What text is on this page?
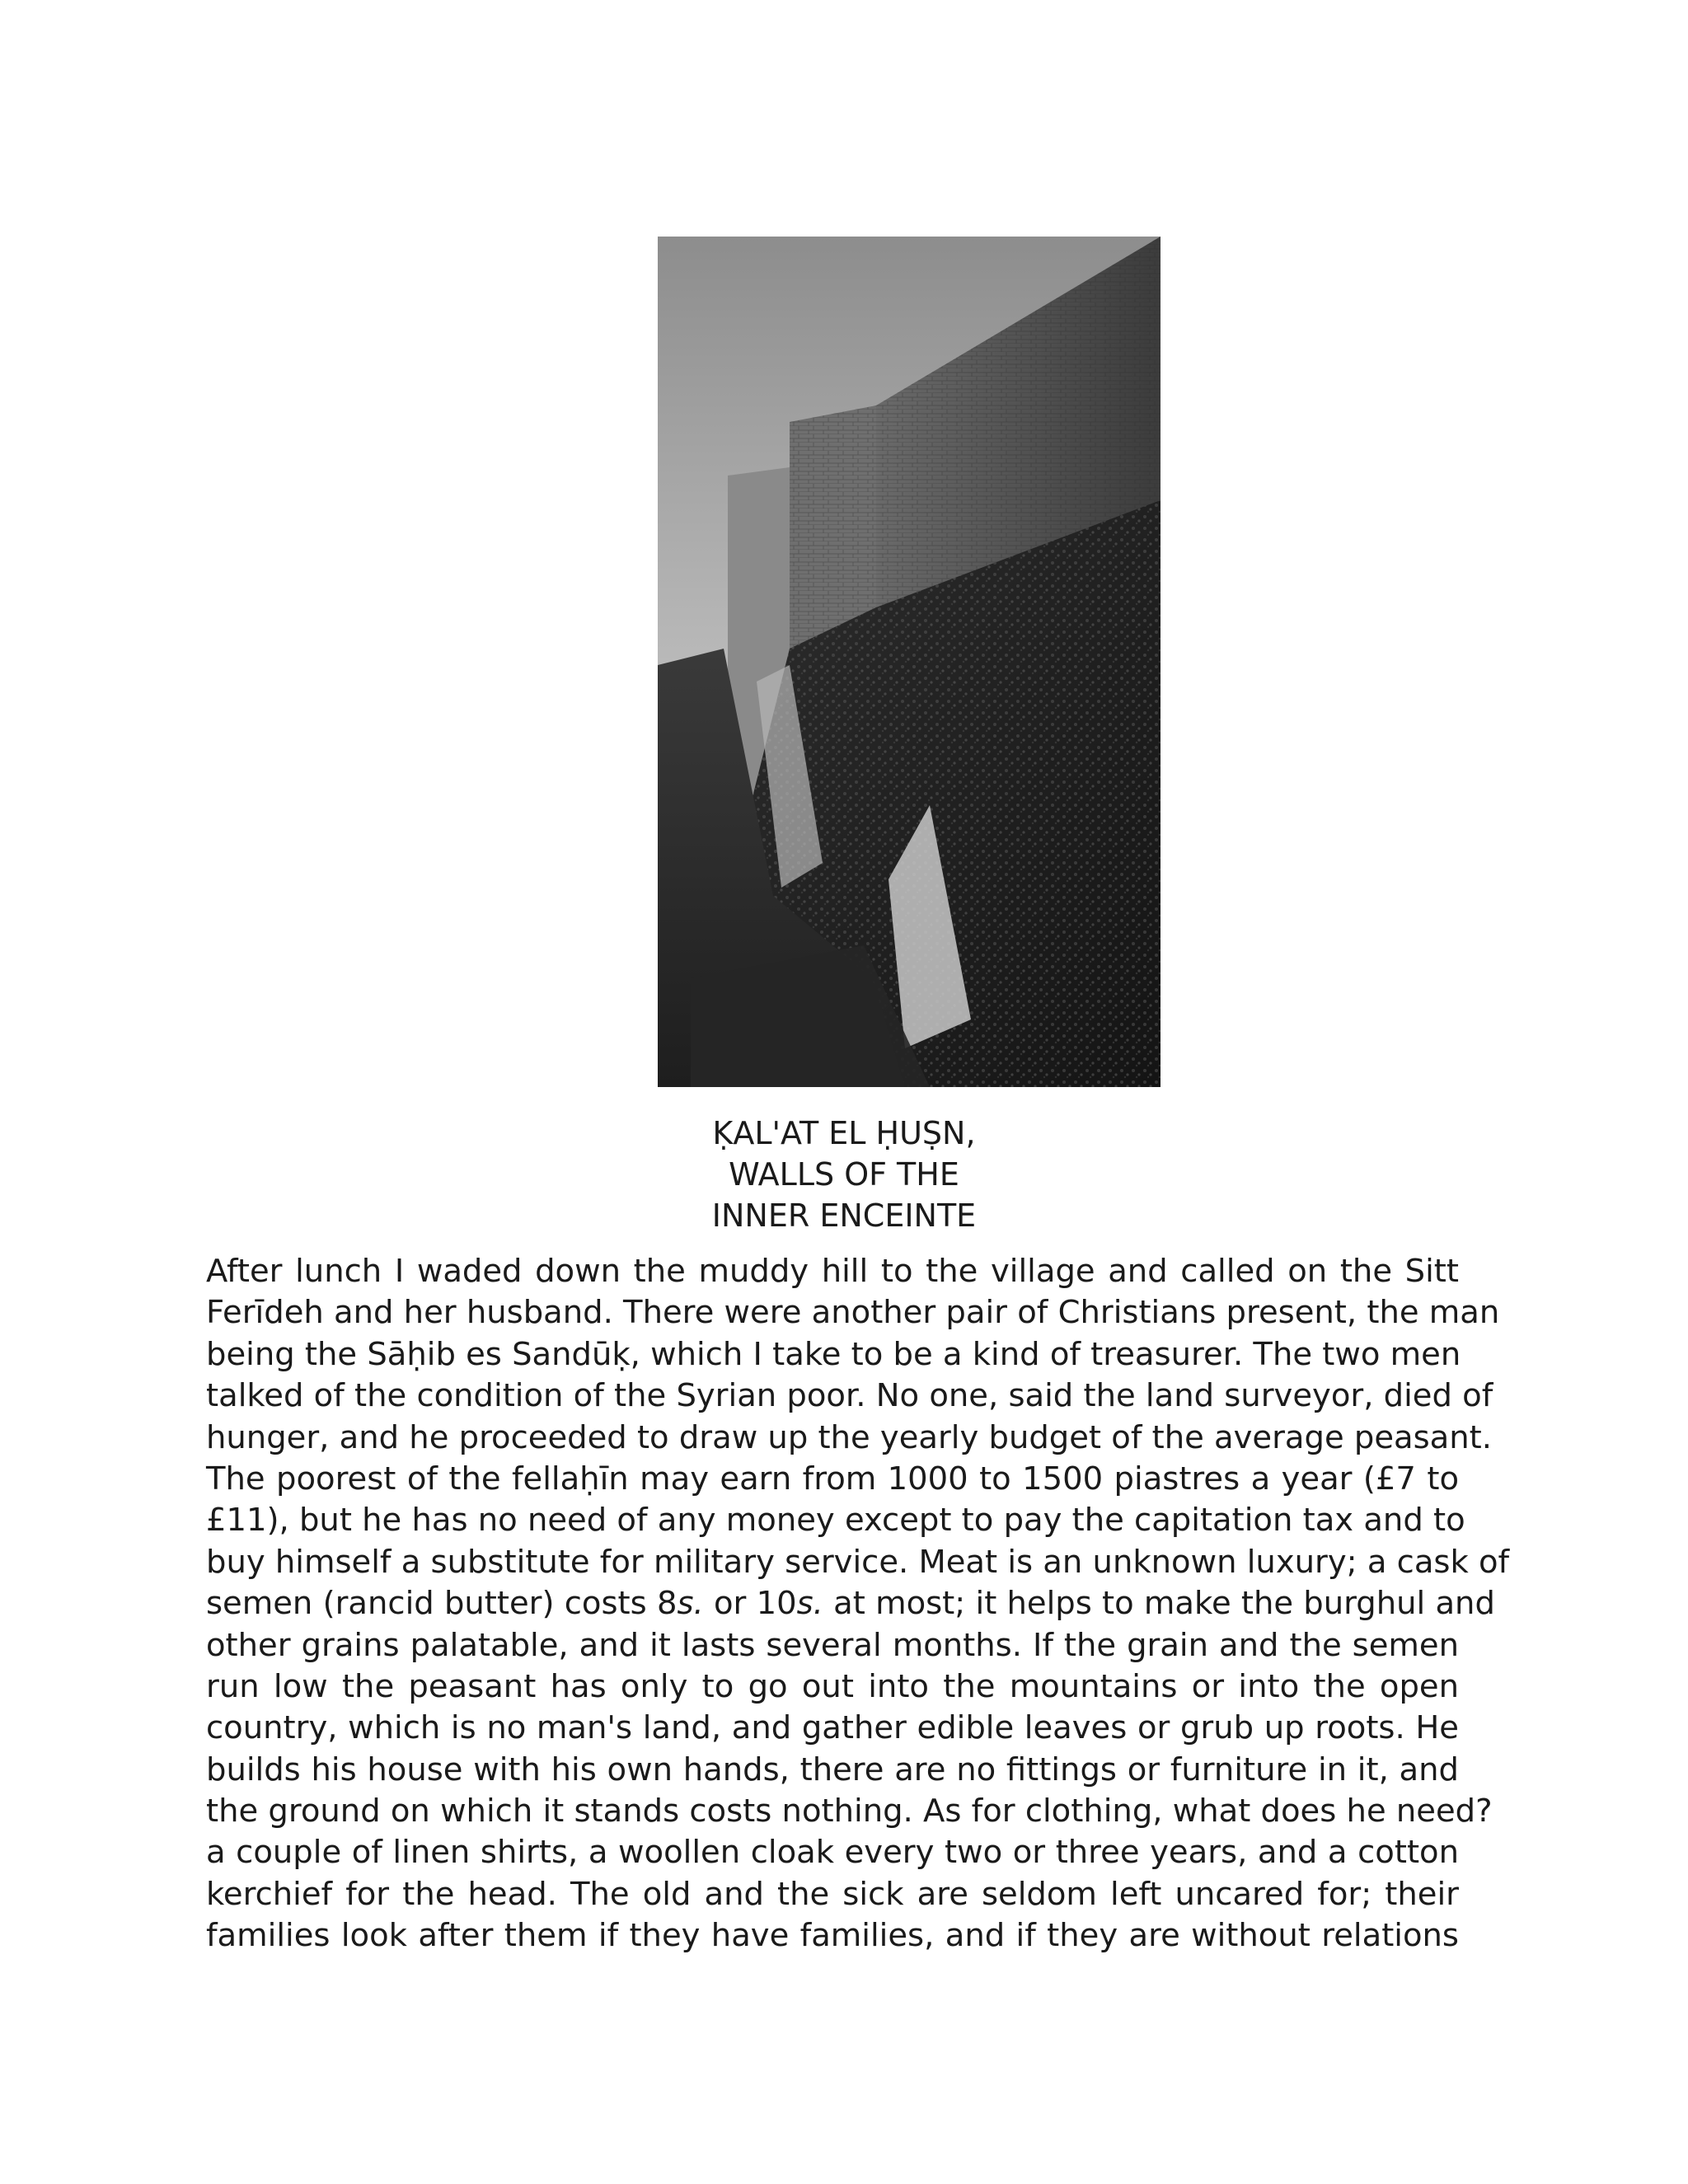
ḲAL'AT EL ḤUṢN,
WALLS OF THE
INNER ENCEINTE
After lunch I waded down the muddy hill to the village and called on the Sitt
Ferīdeh and her husband. There were another pair of Christians present, the man
being the Sāḥib es Sandūḳ, which I take to be a kind of treasurer. The two men
talked of the condition of the Syrian poor. No one, said the land surveyor, died of
hunger, and he proceeded to draw up the yearly budget of the average peasant.
The poorest of the fellaḥīn may earn from 1000 to 1500 piastres a year (£7 to
£11), but he has no need of any money except to pay the capitation tax and to
buy himself a substitute for military service. Meat is an unknown luxury; a cask of
semen (rancid butter) costs 8s. or 10s. at most; it helps to make the burghul and
other grains palatable, and it lasts several months. If the grain and the semen
run low the peasant has only to go out into the mountains or into the open
country, which is no man's land, and gather edible leaves or grub up roots. He
builds his house with his own hands, there are no fittings or furniture in it, and
the ground on which it stands costs nothing. As for clothing, what does he need?
a couple of linen shirts, a woollen cloak every two or three years, and a cotton
kerchief for the head. The old and the sick are seldom left uncared for; their
families look after them if they have families, and if they are without relations
